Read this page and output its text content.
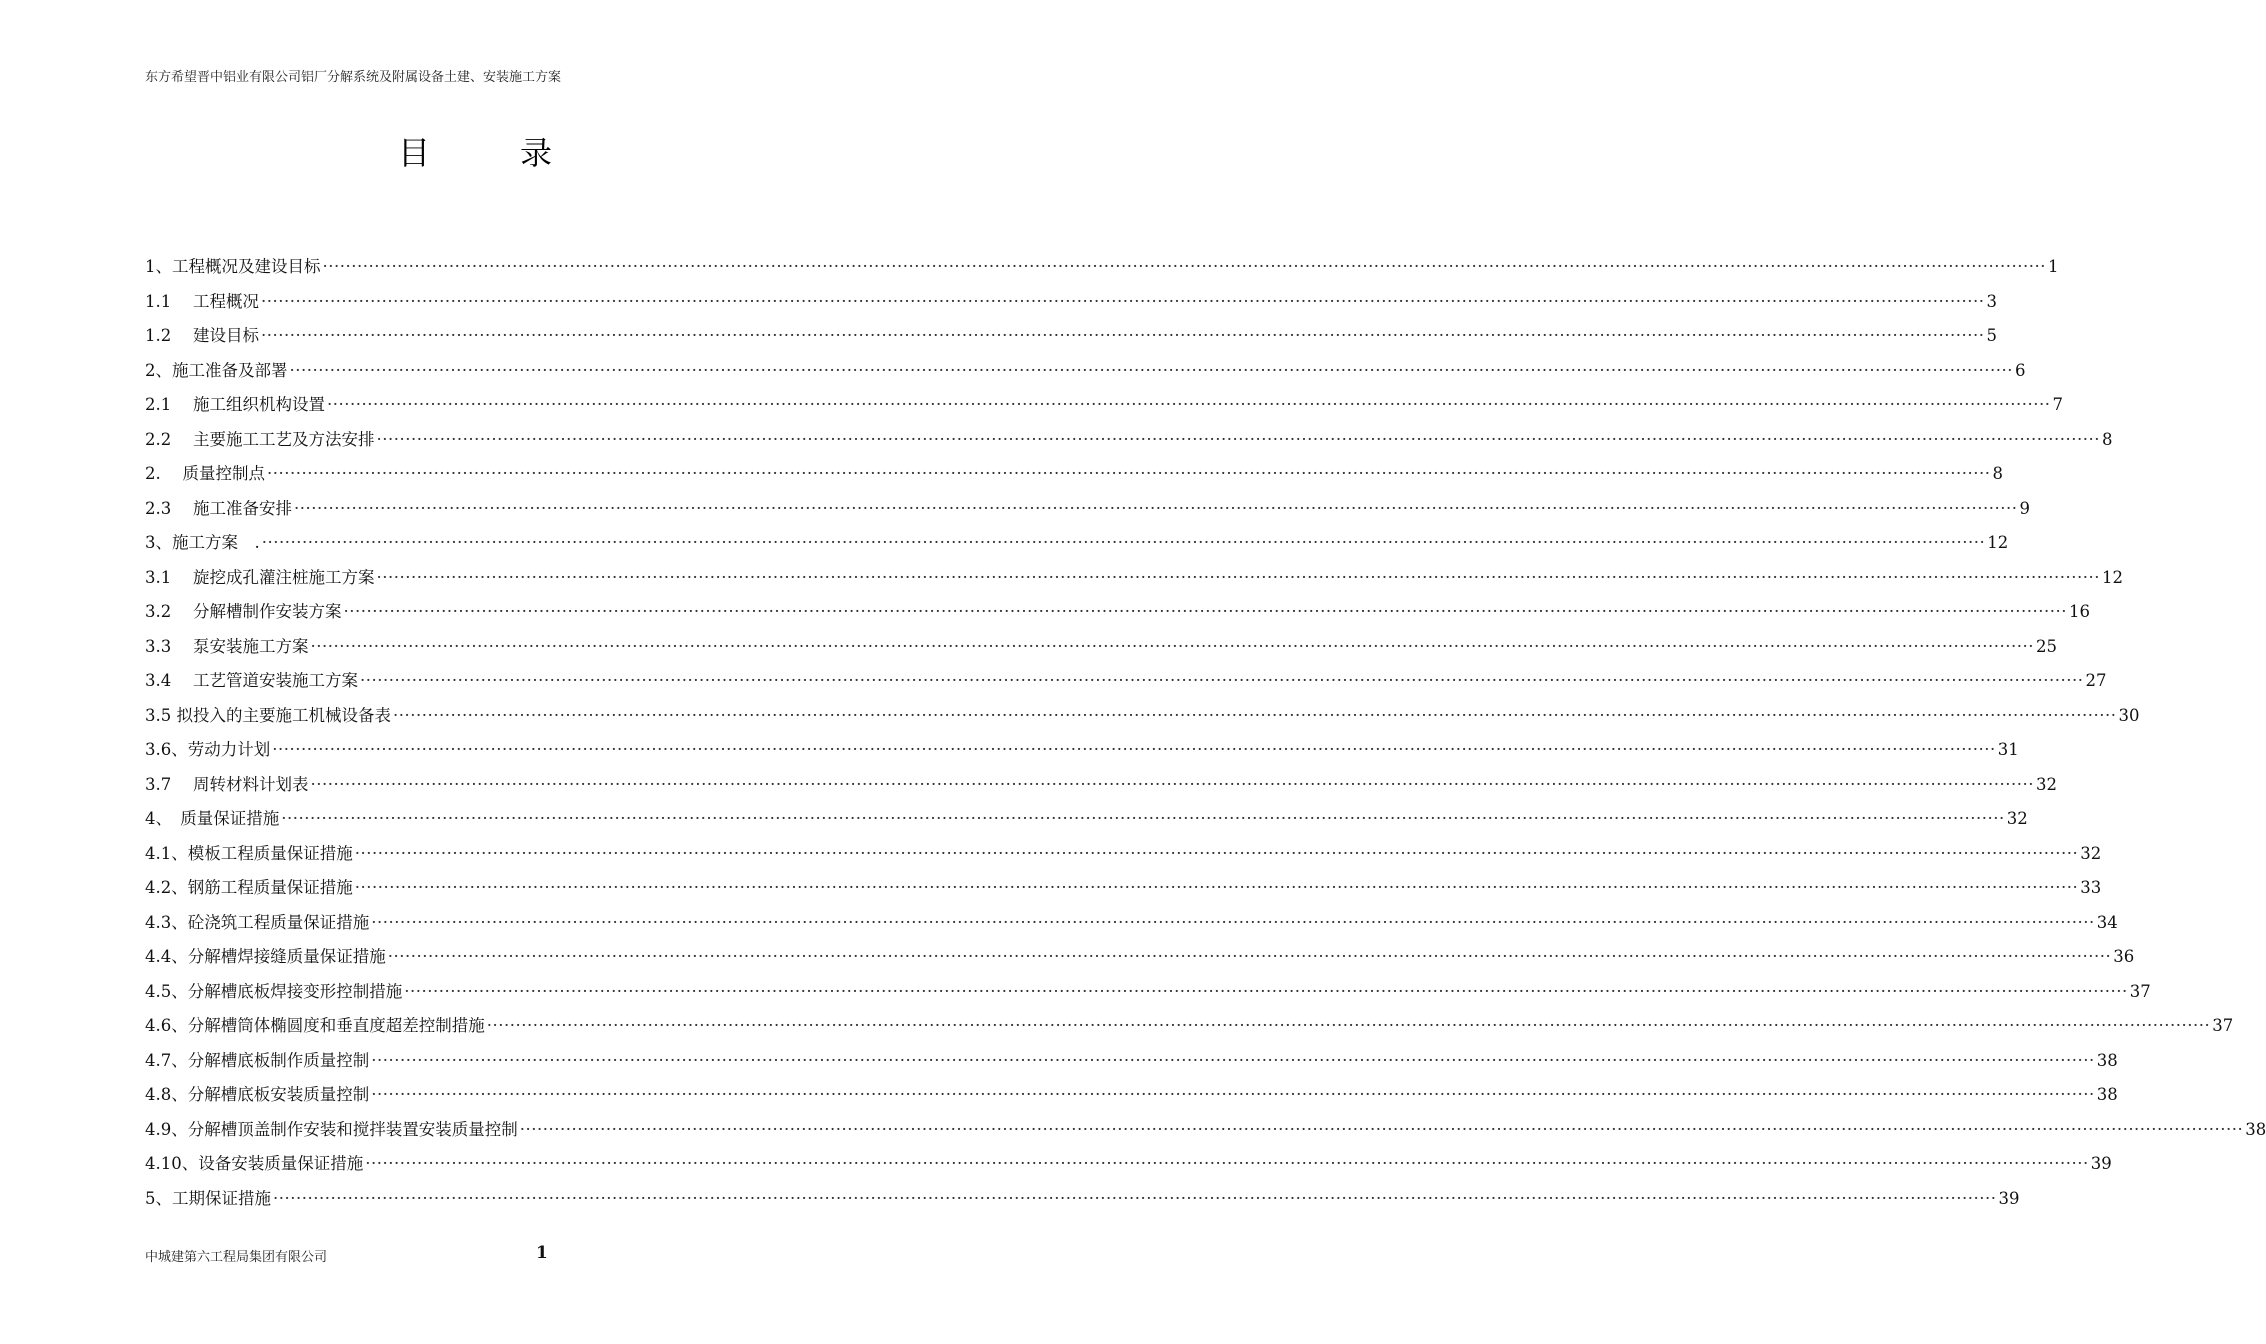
东方希望晋中铝业有限公司铝厂分解系统及附属设备土建、安装施工方案
目	录
1、工程概况及建设目标 ············································································································································································································································································································ 1
1.1　 工程概况 ············································································································································································································································································································ 3
1.2　 建设目标 ············································································································································································································································································································ 5
2、施工准备及部署 ············································································································································································································································································································ 6
2.1　 施工组织机构设置 ············································································································································································································································································································ 7
2.2　 主要施工工艺及方法安排 ············································································································································································································································································································ 8
2.　 质量控制点 ············································································································································································································································································································ 8
2.3　 施工准备安排 ············································································································································································································································································································ 9
3、施工方案　. ············································································································································································································································································································ 12
3.1　 旋挖成孔灌注桩施工方案 ············································································································································································································································································································ 12
3.2　 分解槽制作安装方案 ············································································································································································································································································································ 16
3.3　 泵安装施工方案 ············································································································································································································································································································ 25
3.4　 工艺管道安装施工方案 ············································································································································································································································································································ 27
3.5 拟投入的主要施工机械设备表 ············································································································································································································································································································ 30
3.6、劳动力计划 ············································································································································································································································································································ 31
3.7　 周转材料计划表 ············································································································································································································································································································ 32
4、　质量保证措施 ············································································································································································································································································································ 32
4.1、模板工程质量保证措施 ············································································································································································································································································································ 32
4.2、钢筋工程质量保证措施 ············································································································································································································································································································ 33
4.3、砼浇筑工程质量保证措施 ············································································································································································································································································································ 34
4.4、分解槽焊接缝质量保证措施 ············································································································································································································································································································ 36
4.5、分解槽底板焊接变形控制措施 ············································································································································································································································································································ 37
4.6、分解槽筒体椭圆度和垂直度超差控制措施 ············································································································································································································································································································ 37
4.7、分解槽底板制作质量控制 ············································································································································································································································································································ 38
4.8、分解槽底板安装质量控制 ············································································································································································································································································································ 38
4.9、分解槽顶盖制作安装和搅拌装置安装质量控制 ············································································································································································································································································································ 38
4.10、设备安装质量保证措施 ············································································································································································································································································································ 39
5、工期保证措施 ············································································································································································································································································································ 39
中城建第六工程局集团有限公司	1
